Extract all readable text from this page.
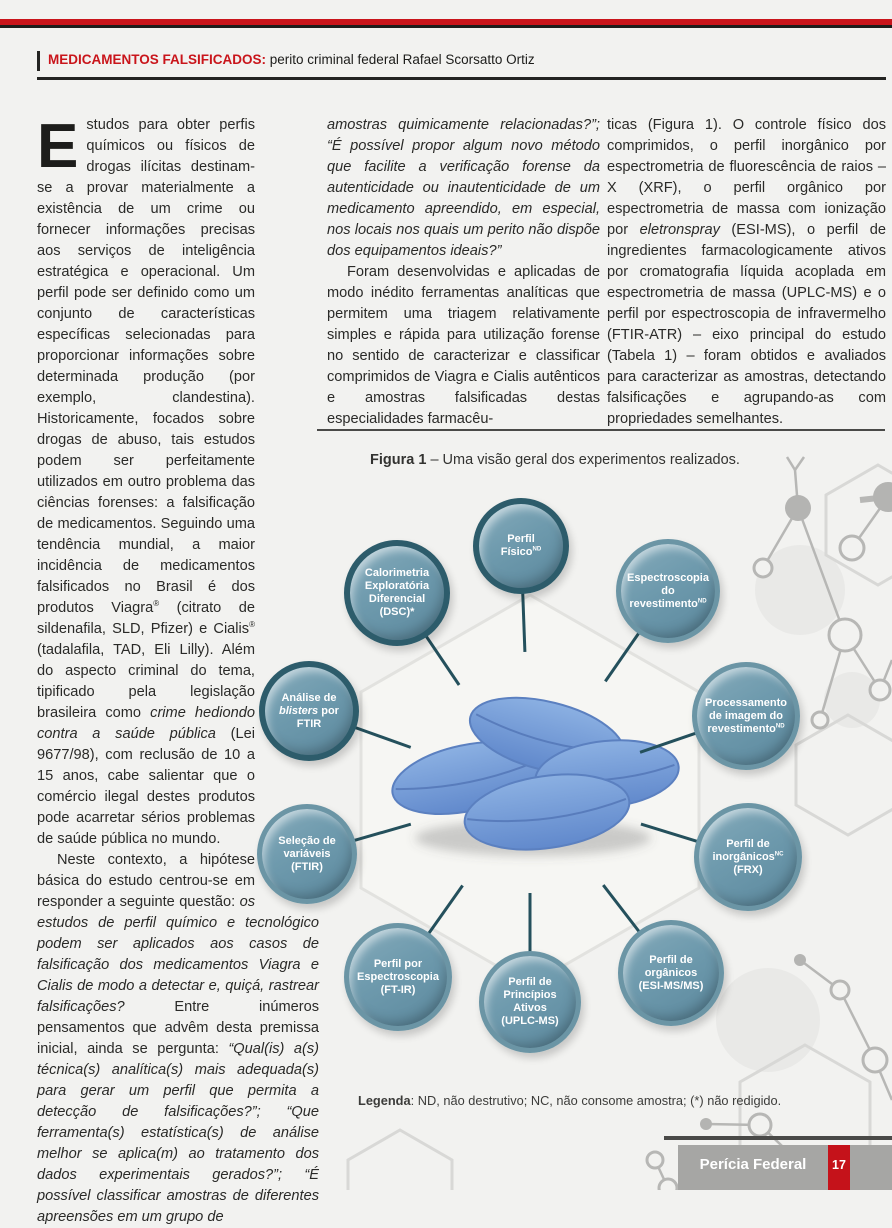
MEDICAMENTOS FALSIFICADOS: perito criminal federal Rafael Scorsatto Ortiz
E studos para obter perfis químicos ou físicos de drogas ilícitas destinam-se a provar materialmente a existência de um crime ou fornecer informações precisas aos serviços de inteligência estratégica e operacional. Um perfil pode ser definido como um conjunto de características específicas selecionadas para proporcionar informações sobre determinada produção (por exemplo, clandestina). Historicamente, focados sobre drogas de abuso, tais estudos podem ser perfeitamente utilizados em outro problema das ciências forenses: a falsificação de medicamentos. Seguindo uma tendência mundial, a maior incidência de medicamentos falsificados no Brasil é dos produtos Viagra® (citrato de sildenafila, SLD, Pfizer) e Cialis® (tadalafila, TAD, Eli Lilly). Além do aspecto criminal do tema, tipificado pela legislação brasileira como crime hediondo contra a saúde pública (Lei 9677/98), com reclusão de 10 a 15 anos, cabe salientar que o comércio ilegal destes produtos pode acarretar sérios problemas de saúde pública no mundo.

Neste contexto, a hipótese básica do estudo centrou-se em responder a seguinte questão: os estudos de perfil químico e tecnológico podem ser aplicados aos casos de falsificação dos medicamentos Viagra e Cialis de modo a detectar e, quiçá, rastrear falsificações? Entre inúmeros pensamentos que advêm desta premissa inicial, ainda se pergunta: “Qual(is) a(s) técnica(s) analítica(s) mais adequada(s) para gerar um perfil que permita a detecção de falsificações?”; “Que ferramenta(s) estatística(s) de análise melhor se aplica(m) ao tratamento dos dados experimentais gerados?”; “É possível classificar amostras de diferentes apreensões em um grupo de

amostras quimicamente relacionadas?”; “É possível propor algum novo método que facilite a verificação forense da autenticidade ou inautenticidade de um medicamento apreendido, em especial, nos locais nos quais um perito não dispõe dos equipamentos ideais?”

Foram desenvolvidas e aplicadas de modo inédito ferramentas analíticas que permitem uma triagem relativamente simples e rápida para utilização forense no sentido de caracterizar e classificar comprimidos de Viagra e Cialis autênticos e amostras falsificadas destas especialidades farmacêu-

ticas (Figura 1). O controle físico dos comprimidos, o perfil inorgânico por espectrometria de fluorescência de raios – X (XRF), o perfil orgânico por espectrometria de massa com ionização por eletronspray (ESI-MS), o perfil de ingredientes farmacologicamente ativos por cromatografia líquida acoplada em espectrometria de massa (UPLC-MS) e o perfil por espectroscopia de infravermelho (FTIR-ATR) – eixo principal do estudo (Tabela 1) – foram obtidos e avaliados para caracterizar as amostras, detectando falsificações e agrupando-as com propriedades semelhantes.

Figura 1 – Uma visão geral dos experimentos realizados.
Perfil
Físico$^{ND}$
Calorimetria
Exploratória
Diferencial
(DSC)*
Espectroscopia
do
revestimento$^{ND}$
Análise de
blisters por
FTIR
Processamento
de imagem do
revestimento$^{ND}$
Seleção de
variáveis
(FTIR)
Perfil de
inorgânicos$^{NC}$
(FRX)
Perfil por
Espectroscopia
(FT-IR)
Perfil de
orgânicos
(ESI-MS/MS)
Perfil de
Princípios
Ativos
(UPLC-MS)
Legenda: ND, não destrutivo; NC, não consome amostra; (*) não redigido.
Perícia Federal	17
